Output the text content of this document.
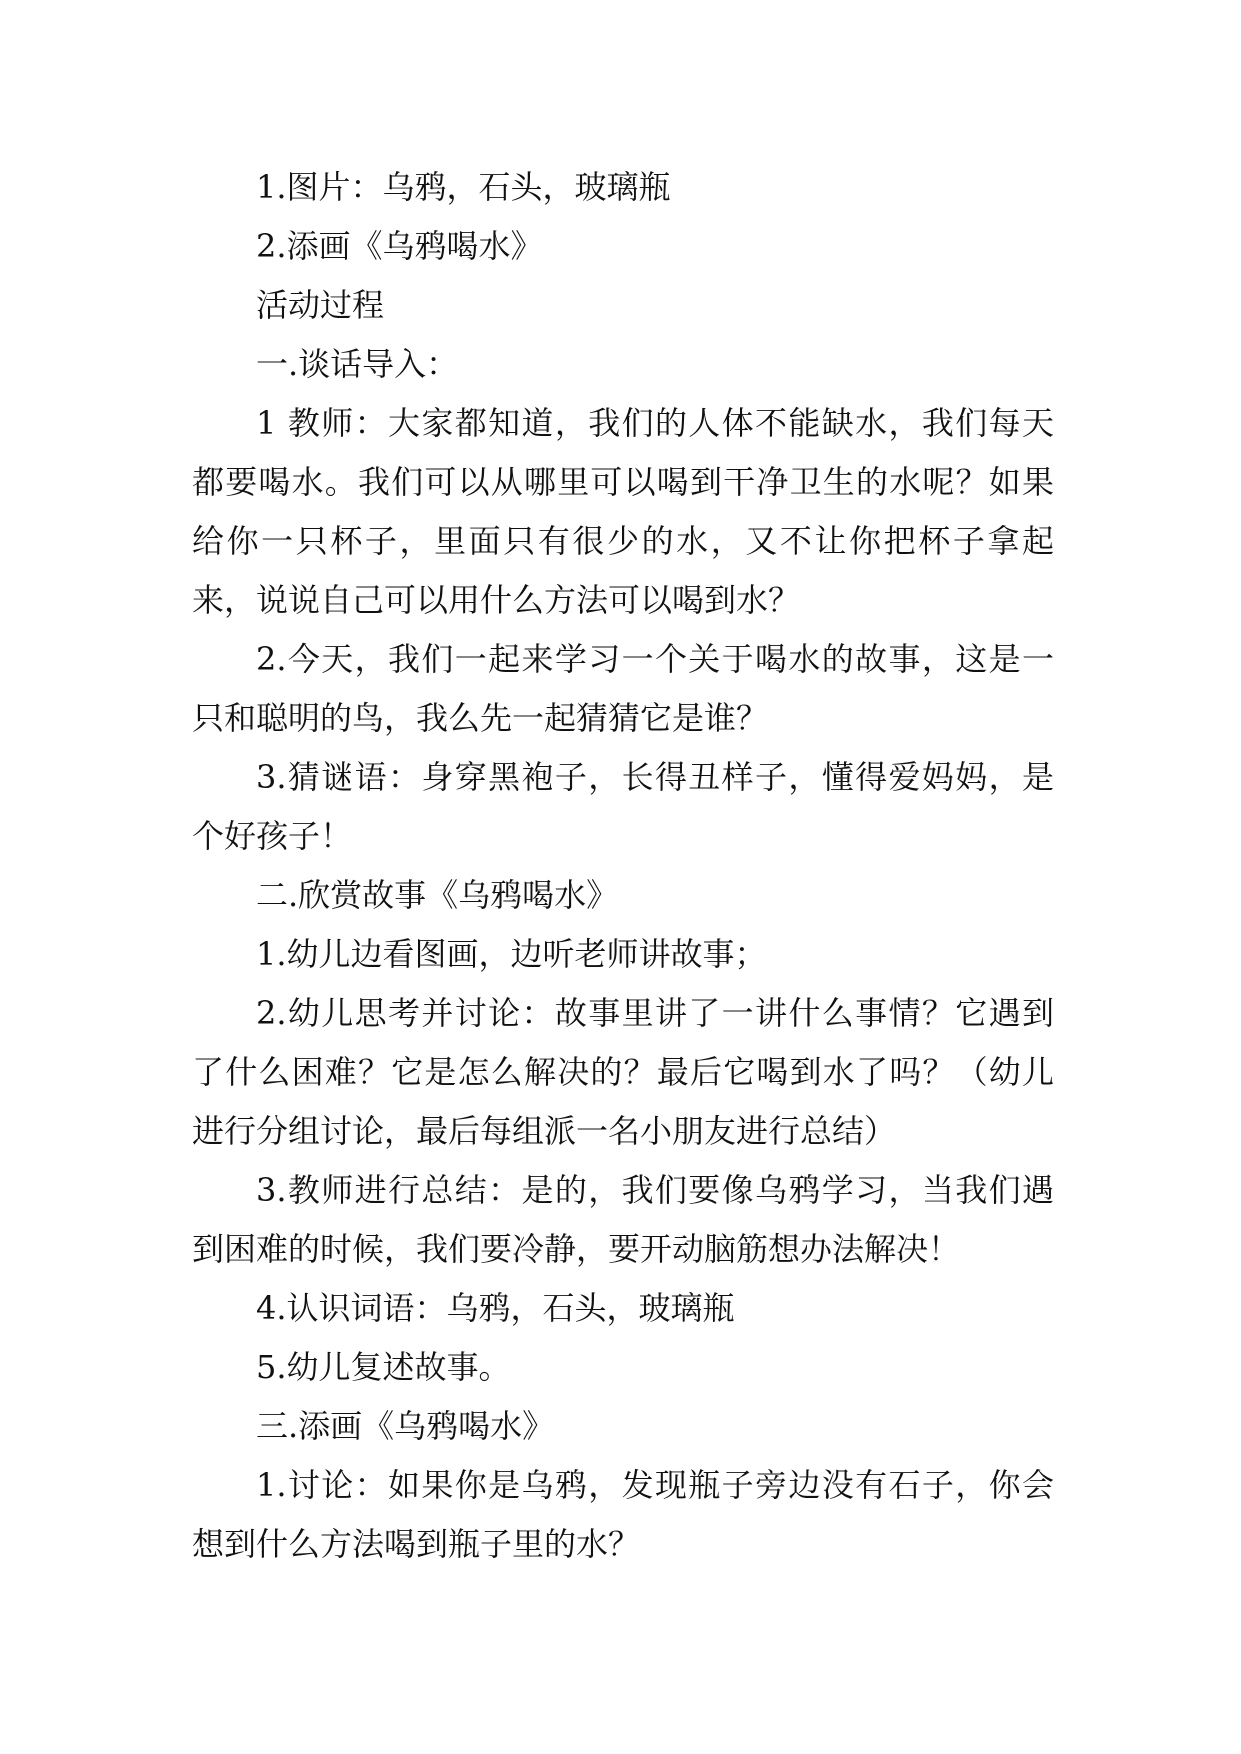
1.图片：乌鸦，石头，玻璃瓶

2.添画《乌鸦喝水》

活动过程

一.谈话导入：

1 教师：大家都知道，我们的人体不能缺水，我们每天都要喝水。我们可以从哪里可以喝到干净卫生的水呢？如果给你一只杯子，里面只有很少的水，又不让你把杯子拿起来，说说自己可以用什么方法可以喝到水？

2.今天，我们一起来学习一个关于喝水的故事，这是一只和聪明的鸟，我么先一起猜猜它是谁？

3.猜谜语：身穿黑袍子，长得丑样子，懂得爱妈妈，是个好孩子！

二.欣赏故事《乌鸦喝水》

1.幼儿边看图画，边听老师讲故事；

2.幼儿思考并讨论：故事里讲了一讲什么事情？它遇到了什么困难？它是怎么解决的？最后它喝到水了吗？（幼儿进行分组讨论，最后每组派一名小朋友进行总结）

3.教师进行总结：是的，我们要像乌鸦学习，当我们遇到困难的时候，我们要冷静，要开动脑筋想办法解决！

4.认识词语：乌鸦，石头，玻璃瓶

5.幼儿复述故事。

三.添画《乌鸦喝水》

1.讨论：如果你是乌鸦，发现瓶子旁边没有石子，你会想到什么方法喝到瓶子里的水？
